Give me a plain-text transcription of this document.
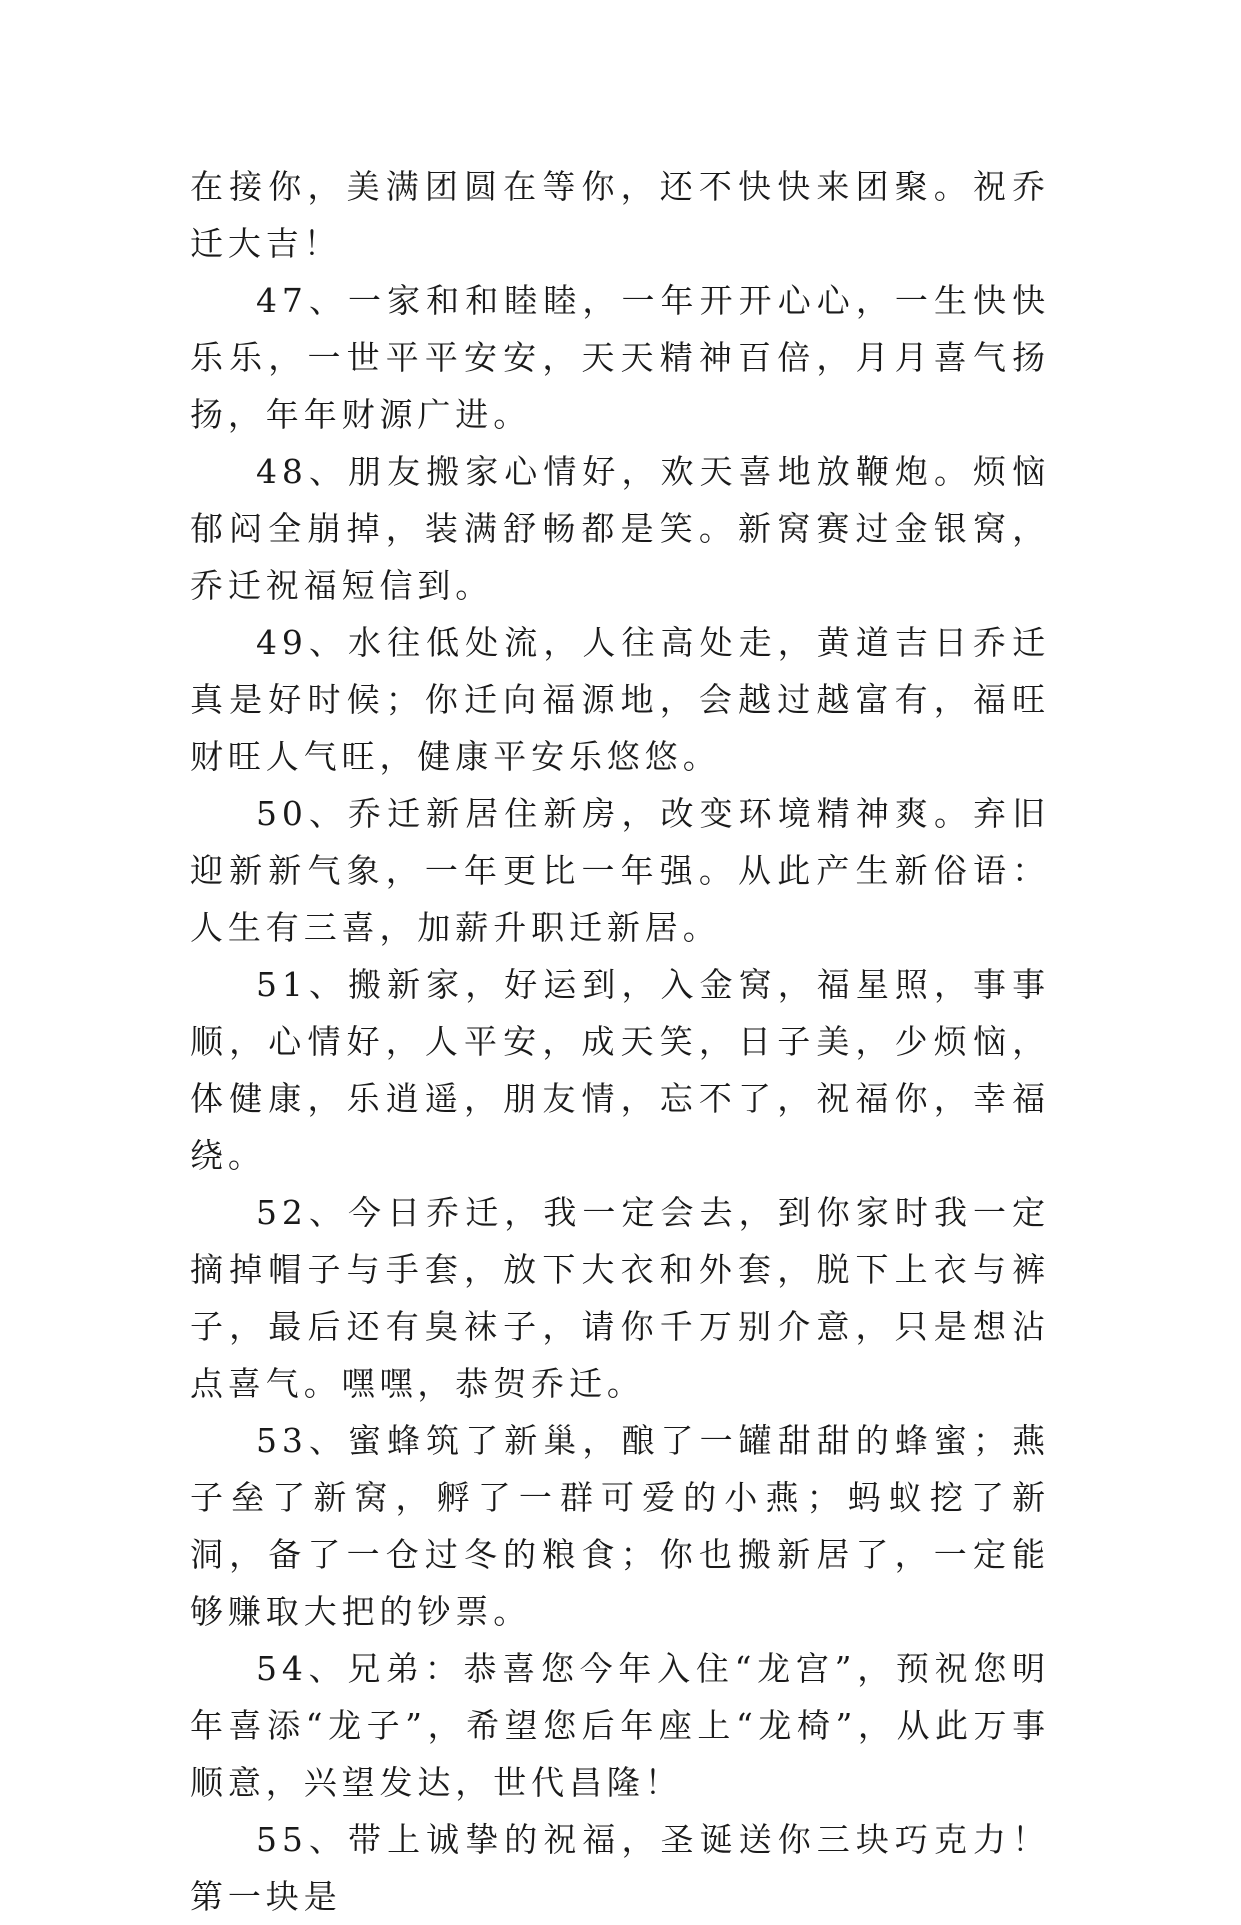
在接你，美满团圆在等你，还不快快来团聚。祝乔迁大吉！

47、一家和和睦睦，一年开开心心，一生快快乐乐，一世平平安安，天天精神百倍，月月喜气扬扬，年年财源广进。

48、朋友搬家心情好，欢天喜地放鞭炮。烦恼郁闷全崩掉，装满舒畅都是笑。新窝赛过金银窝，乔迁祝福短信到。

49、水往低处流，人往高处走，黄道吉日乔迁真是好时候；你迁向福源地，会越过越富有，福旺财旺人气旺，健康平安乐悠悠。

50、乔迁新居住新房，改变环境精神爽。弃旧迎新新气象，一年更比一年强。从此产生新俗语：人生有三喜，加薪升职迁新居。

51、搬新家，好运到，入金窝，福星照，事事顺，心情好，人平安，成天笑，日子美，少烦恼，体健康，乐逍遥，朋友情，忘不了，祝福你，幸福绕。

52、今日乔迁，我一定会去，到你家时我一定摘掉帽子与手套，放下大衣和外套，脱下上衣与裤子，最后还有臭袜子，请你千万别介意，只是想沾点喜气。嘿嘿，恭贺乔迁。

53、蜜蜂筑了新巢，酿了一罐甜甜的蜂蜜；燕子垒了新窝，孵了一群可爱的小燕；蚂蚁挖了新洞，备了一仓过冬的粮食；你也搬新居了，一定能够赚取大把的钞票。

54、兄弟：恭喜您今年入住“龙宫”，预祝您明年喜添“龙子”，希望您后年座上“龙椅”，从此万事顺意，兴望发达，世代昌隆！

55、带上诚挚的祝福，圣诞送你三块巧克力！第一块是
